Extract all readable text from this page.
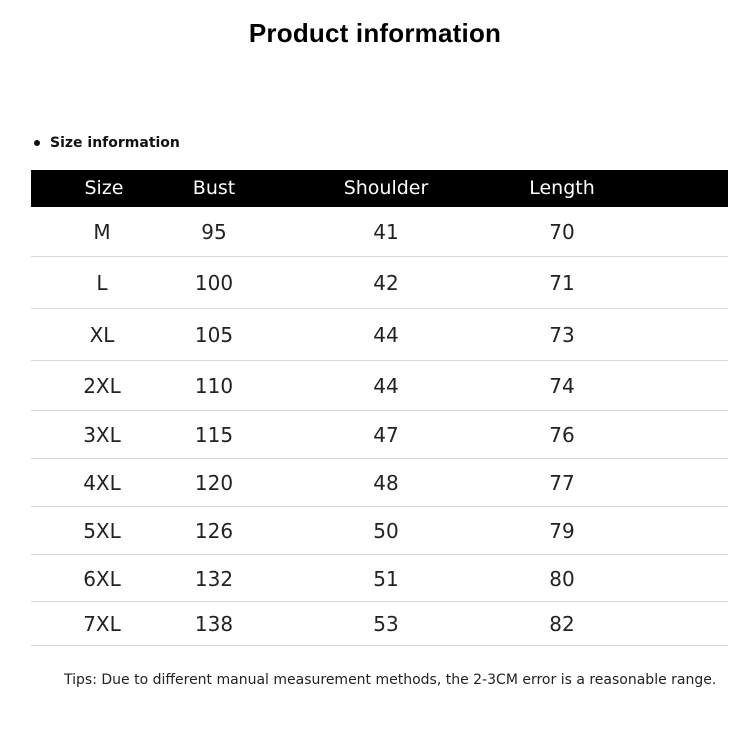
Product information
Size information
Size	Bust	Shoulder	Length
M	95	41	70
L	100	42	71
XL	105	44	73
2XL	110	44	74
3XL	115	47	76
4XL	120	48	77
5XL	126	50	79
6XL	132	51	80
7XL	138	53	82
Tips: Due to different manual measurement methods, the 2-3CM error is a reasonable range.
